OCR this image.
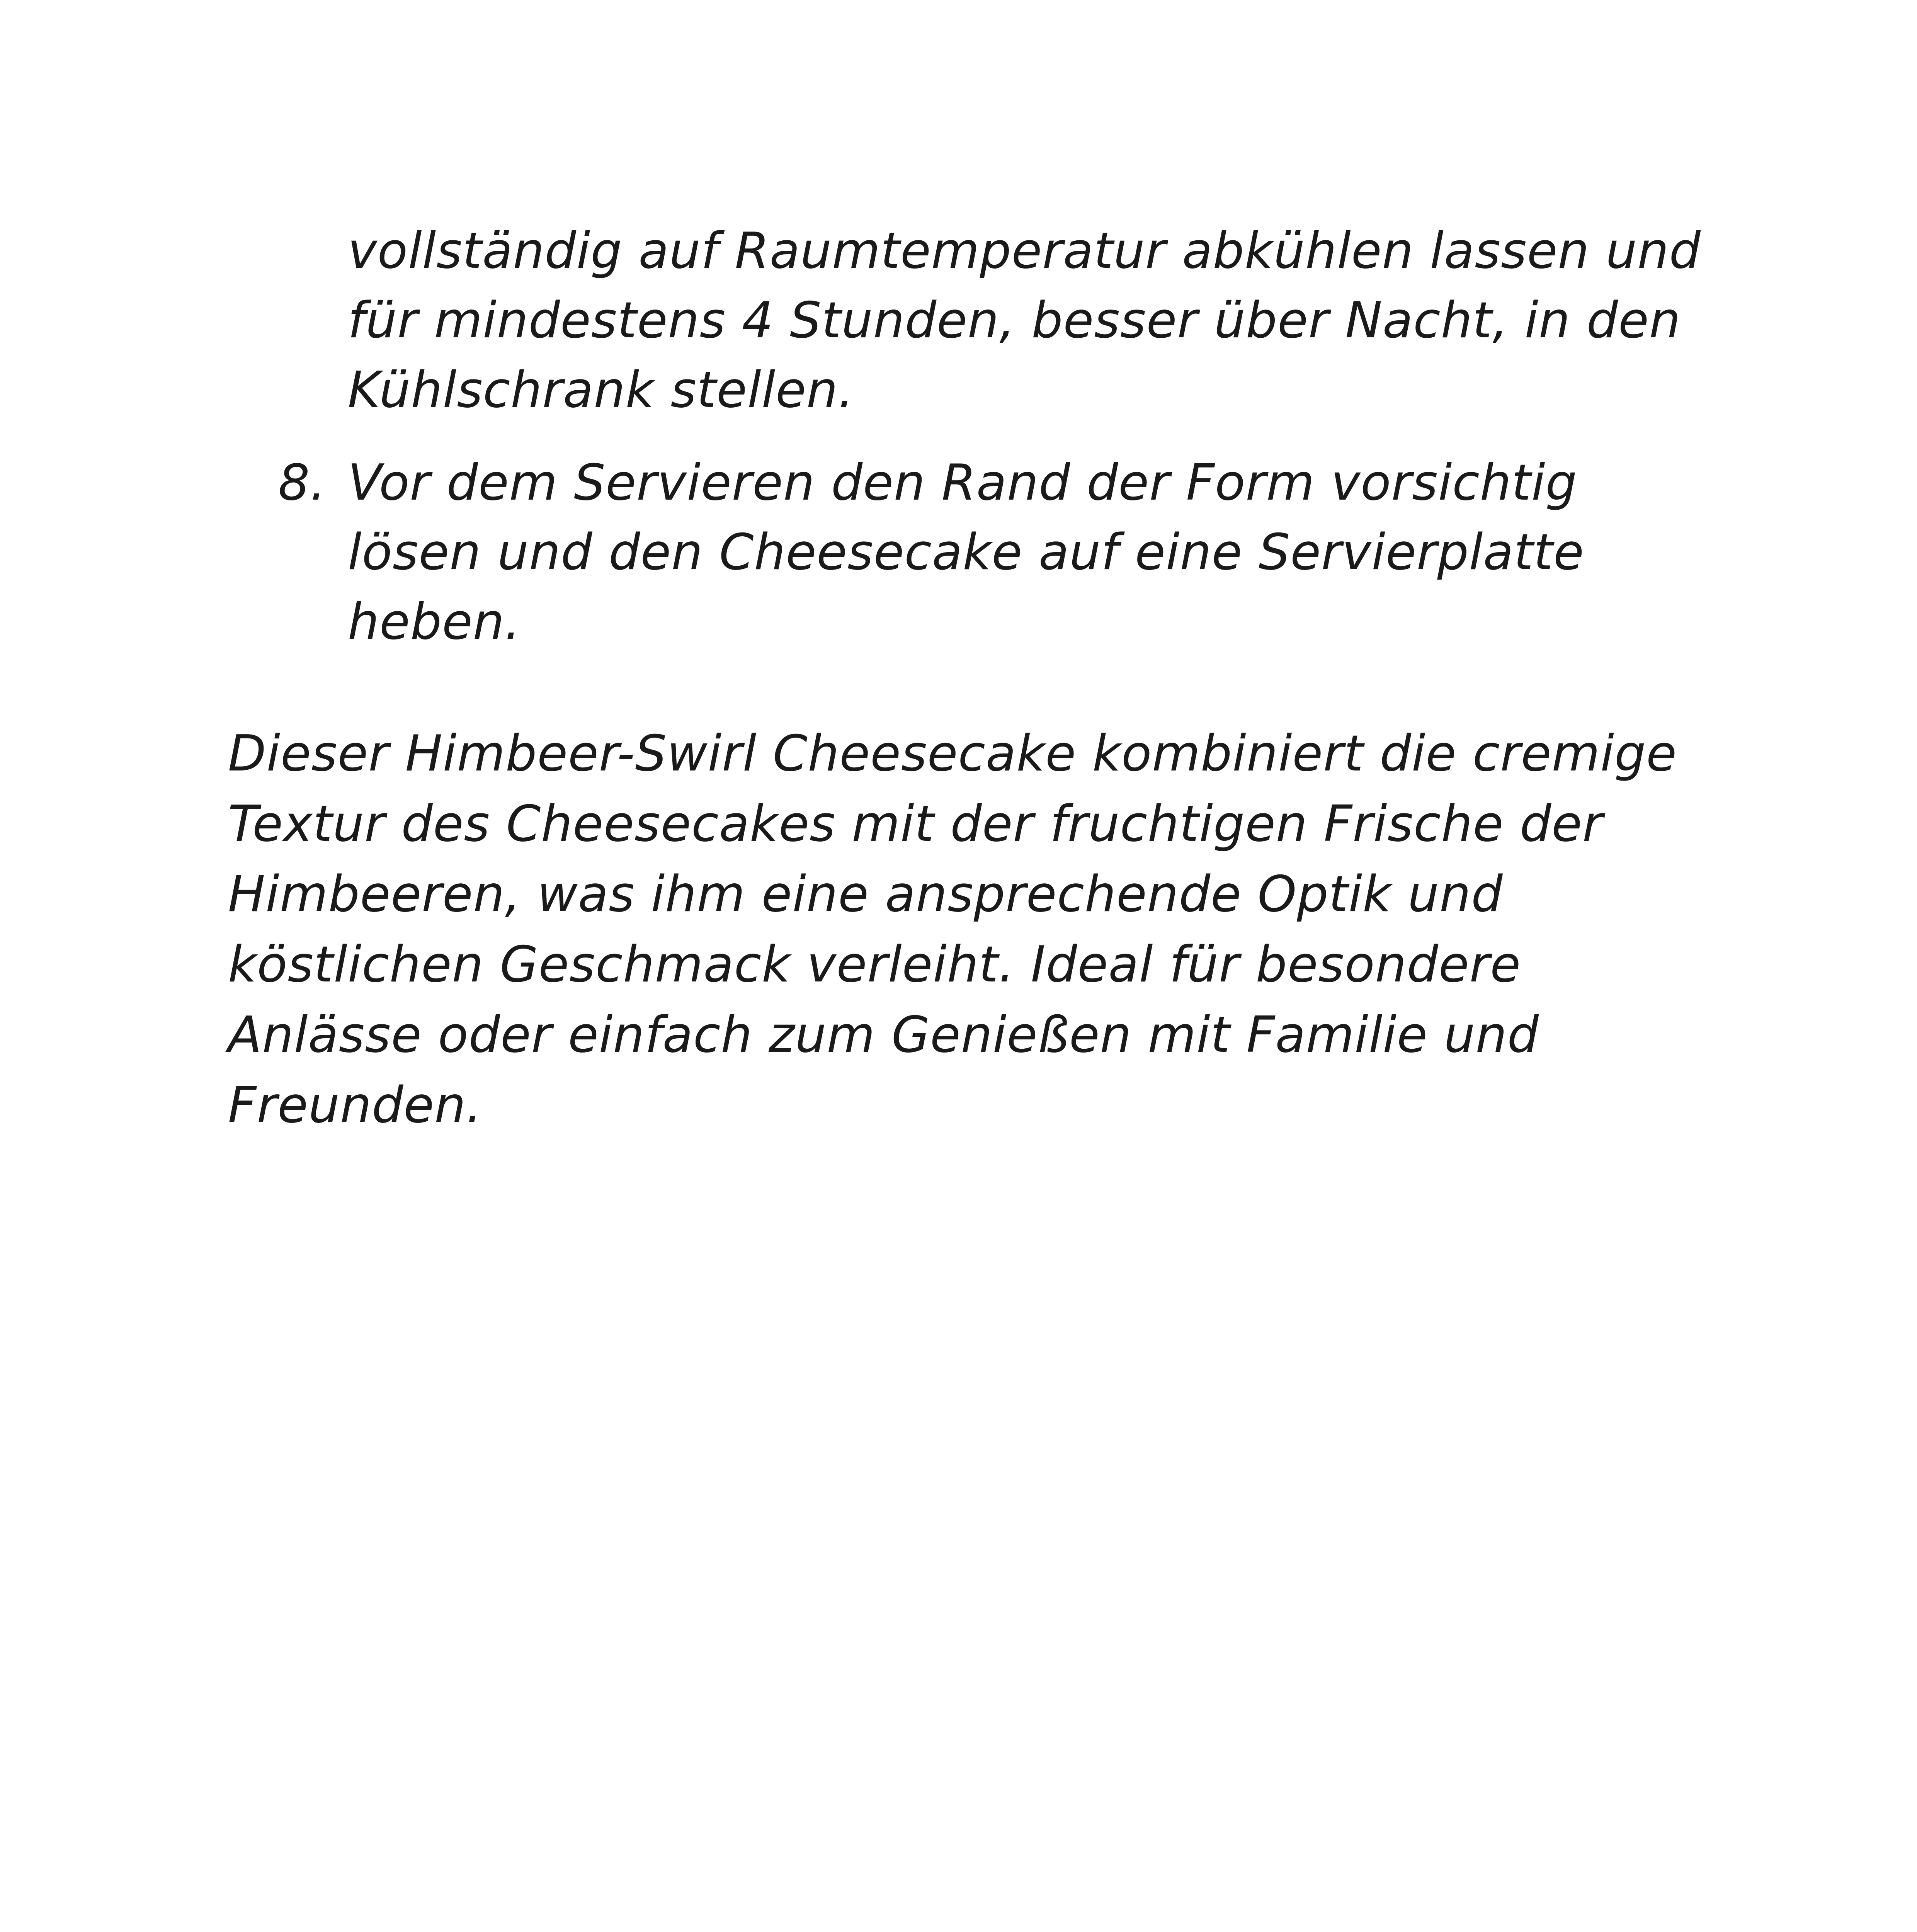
vollständig auf Raumtemperatur abkühlen lassen und für mindestens 4 Stunden, besser über Nacht, in den Kühlschrank stellen.
8. Vor dem Servieren den Rand der Form vorsichtig lösen und den Cheesecake auf eine Servierplatte heben.

Dieser Himbeer-Swirl Cheesecake kombiniert die cremige Textur des Cheesecakes mit der fruchtigen Frische der Himbeeren, was ihm eine ansprechende Optik und köstlichen Geschmack verleiht. Ideal für besondere Anlässe oder einfach zum Genießen mit Familie und Freunden.
